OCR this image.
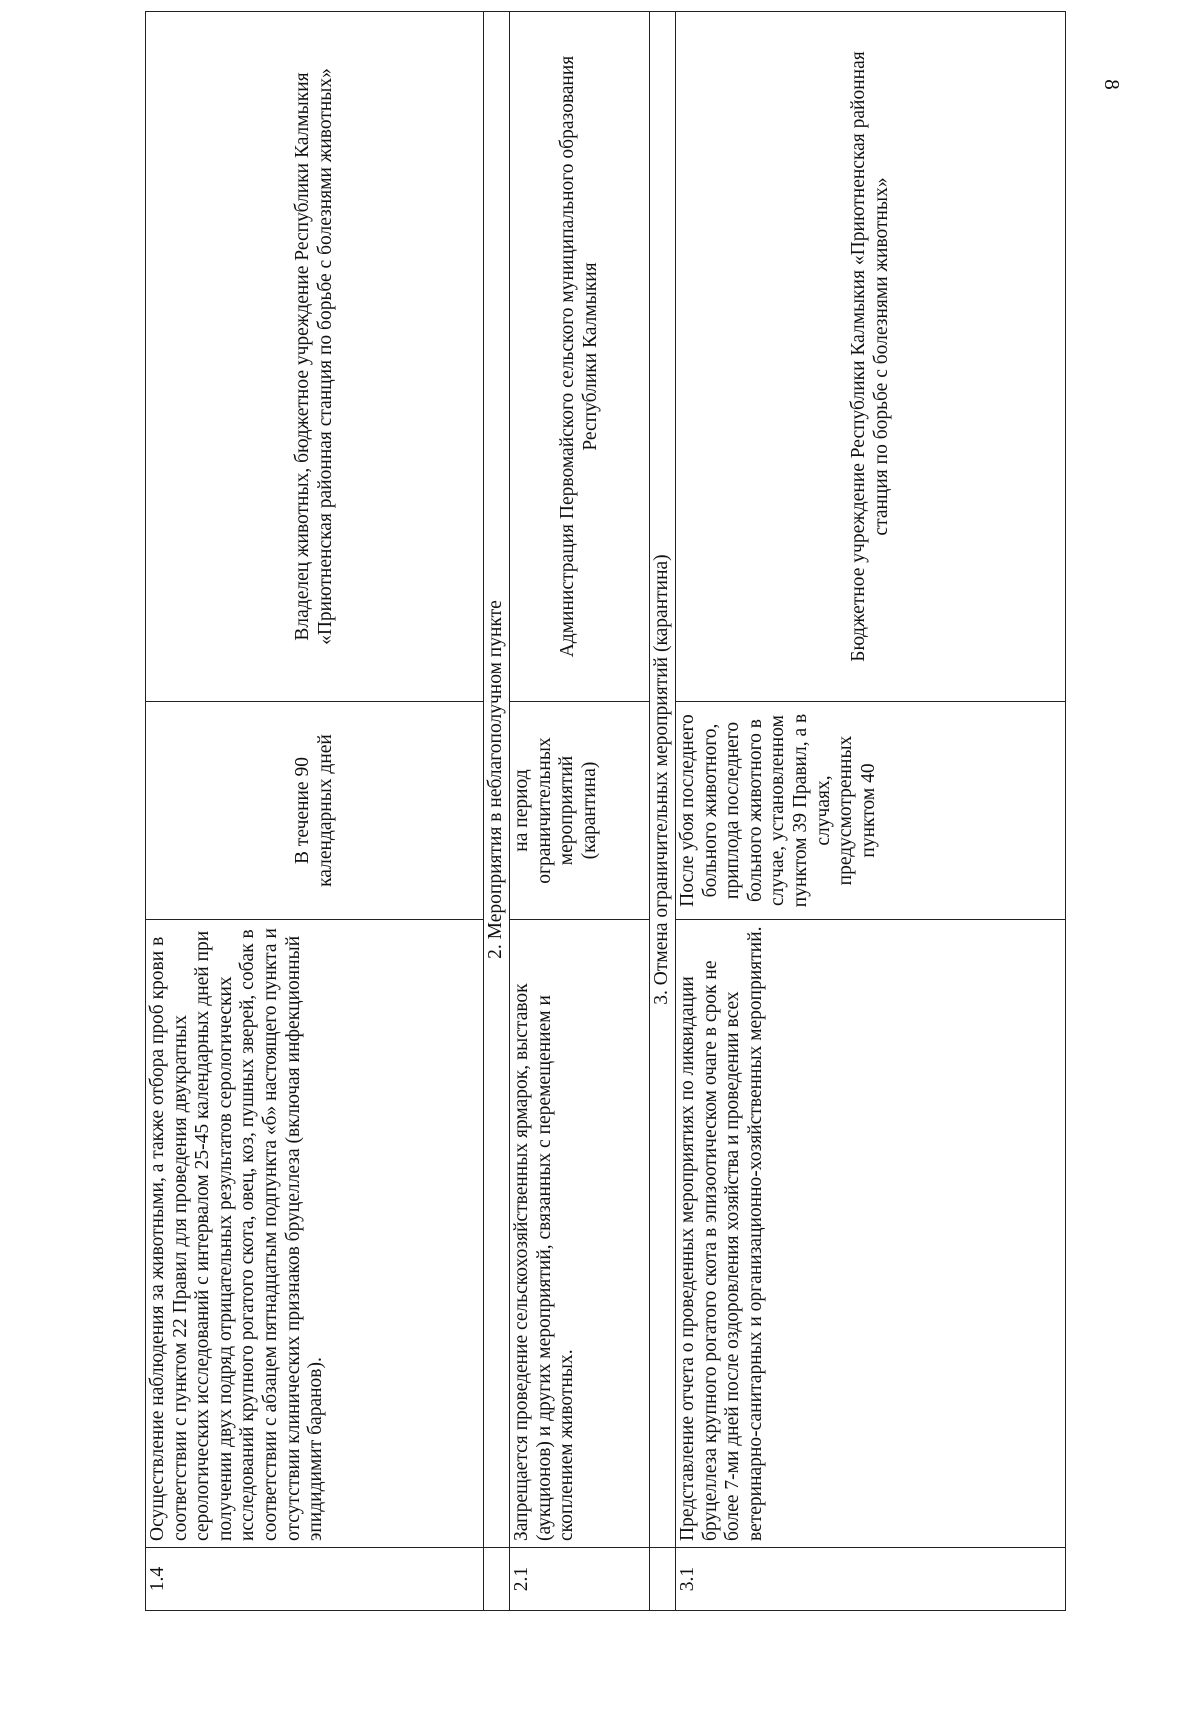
8
1.4	Осуществление наблюдения за животными, а также отбора проб крови в соответствии с пунктом 22 Правил для проведения двукратных серологических исследований с интервалом 25-45 календарных дней при получении двух подряд отрицательных результатов серологических исследований крупного рогатого скота, овец, коз, пушных зверей, собак в соответствии с абзацем пятнадцатым подпункта «б» настоящего пункта и отсутствии клинических признаков бруцеллеза (включая инфекционный эпидидимит баранов).	В течение 90 календарных дней	Владелец животных, бюджетное учреждение Республики Калмыкия «Приютненская районная станция по борьбе с болезнями животных»
	2. Мероприятия в неблагополучном пункте		
2.1	Запрещается проведение сельскохозяйственных ярмарок, выставок (аукционов) и других мероприятий, связанных с перемещением и скоплением животных.	на период ограничительных мероприятий (карантина)	Администрация Первомайского сельского муниципального образования Республики Калмыкия
	3. Отмена ограничительных мероприятий (карантина)		
3.1	Представление отчета о проведенных мероприятиях по ликвидации бруцеллеза крупного рогатого скота в эпизоотическом очаге в срок не более 7-ми дней после оздоровления хозяйства и проведении всех ветеринарно-санитарных и организационно-хозяйственных мероприятий.	После убоя последнего больного животного, приплода последнего больного животного в случае, установленном пунктом 39 Правил, а в случаях, предусмотренных пунктом 40	Бюджетное учреждение Республики Калмыкия «Приютненская районная станция по борьбе с болезнями животных»
